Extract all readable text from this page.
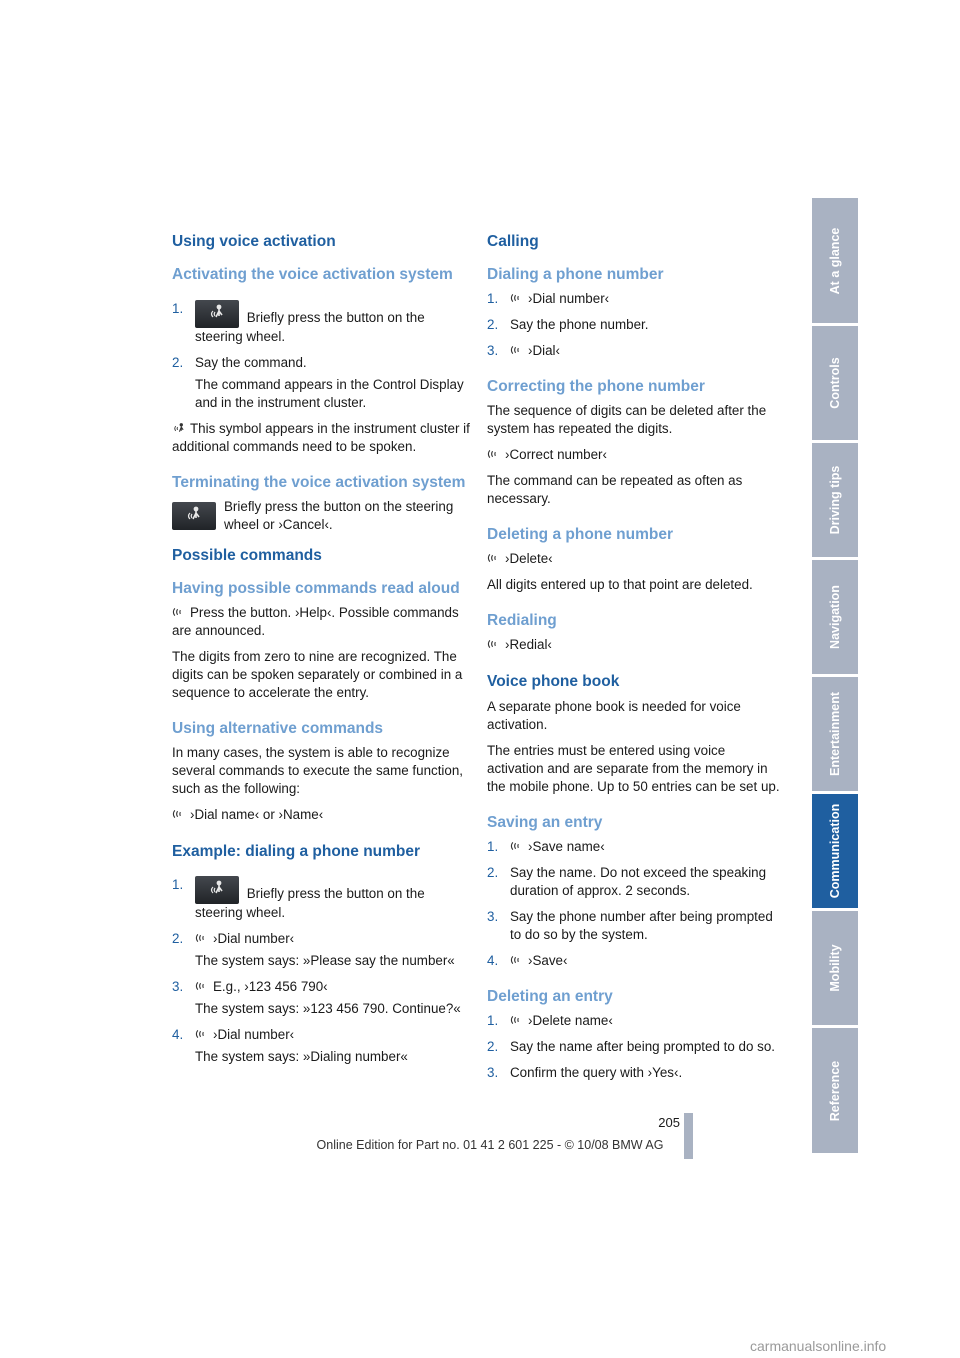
Using voice activation
Activating the voice activation system
1.
Briefly press the button on the steering wheel.
2. Say the command.
The command appears in the Control Display and in the instrument cluster.

This symbol appears in the instrument cluster if additional commands need to be spoken.

Terminating the voice activation system
Briefly press the button on the steering wheel or ›Cancel‹.
Possible commands
Having possible commands read aloud

Press the button. ›Help‹. Possible commands are announced.

The digits from zero to nine are recognized. The digits can be spoken separately or combined in a sequence to accelerate the entry.

Using alternative commands

In many cases, the system is able to recognize several commands to execute the same function, such as the following:

›Dial name‹ or ›Name‹

Example: dialing a phone number
1.
Briefly press the button on the steering wheel.
2.	›Dial number‹
The system says: »Please say the number«
3.	E.g., ›123 456 790‹
The system says: »123 456 790. Continue?«
4.	›Dial number‹
The system says: »Dialing number«
Calling
Dialing a phone number
1. ›Dial number‹
2. Say the phone number.
3. ›Dial‹
Correcting the phone number

The sequence of digits can be deleted after the system has repeated the digits.

›Correct number‹

The command can be repeated as often as necessary.

Deleting a phone number

›Delete‹

All digits entered up to that point are deleted.

Redialing

›Redial‹

Voice phone book

A separate phone book is needed for voice activation.

The entries must be entered using voice activation and are separate from the memory in the mobile phone. Up to 50 entries can be set up.

Saving an entry
1. ›Save name‹
2. Say the name. Do not exceed the speaking duration of approx. 2 seconds.
3. Say the phone number after being prompted to do so by the system.
4. ›Save‹
Deleting an entry
1. ›Delete name‹
2. Say the name after being prompted to do so.
3. Confirm the query with ›Yes‹.
At a glance
Controls
Driving tips
Navigation
Entertainment
Communication
Mobility
Reference
205
Online Edition for Part no. 01 41 2 601 225 - © 10/08 BMW AG
carmanualsonline.info
